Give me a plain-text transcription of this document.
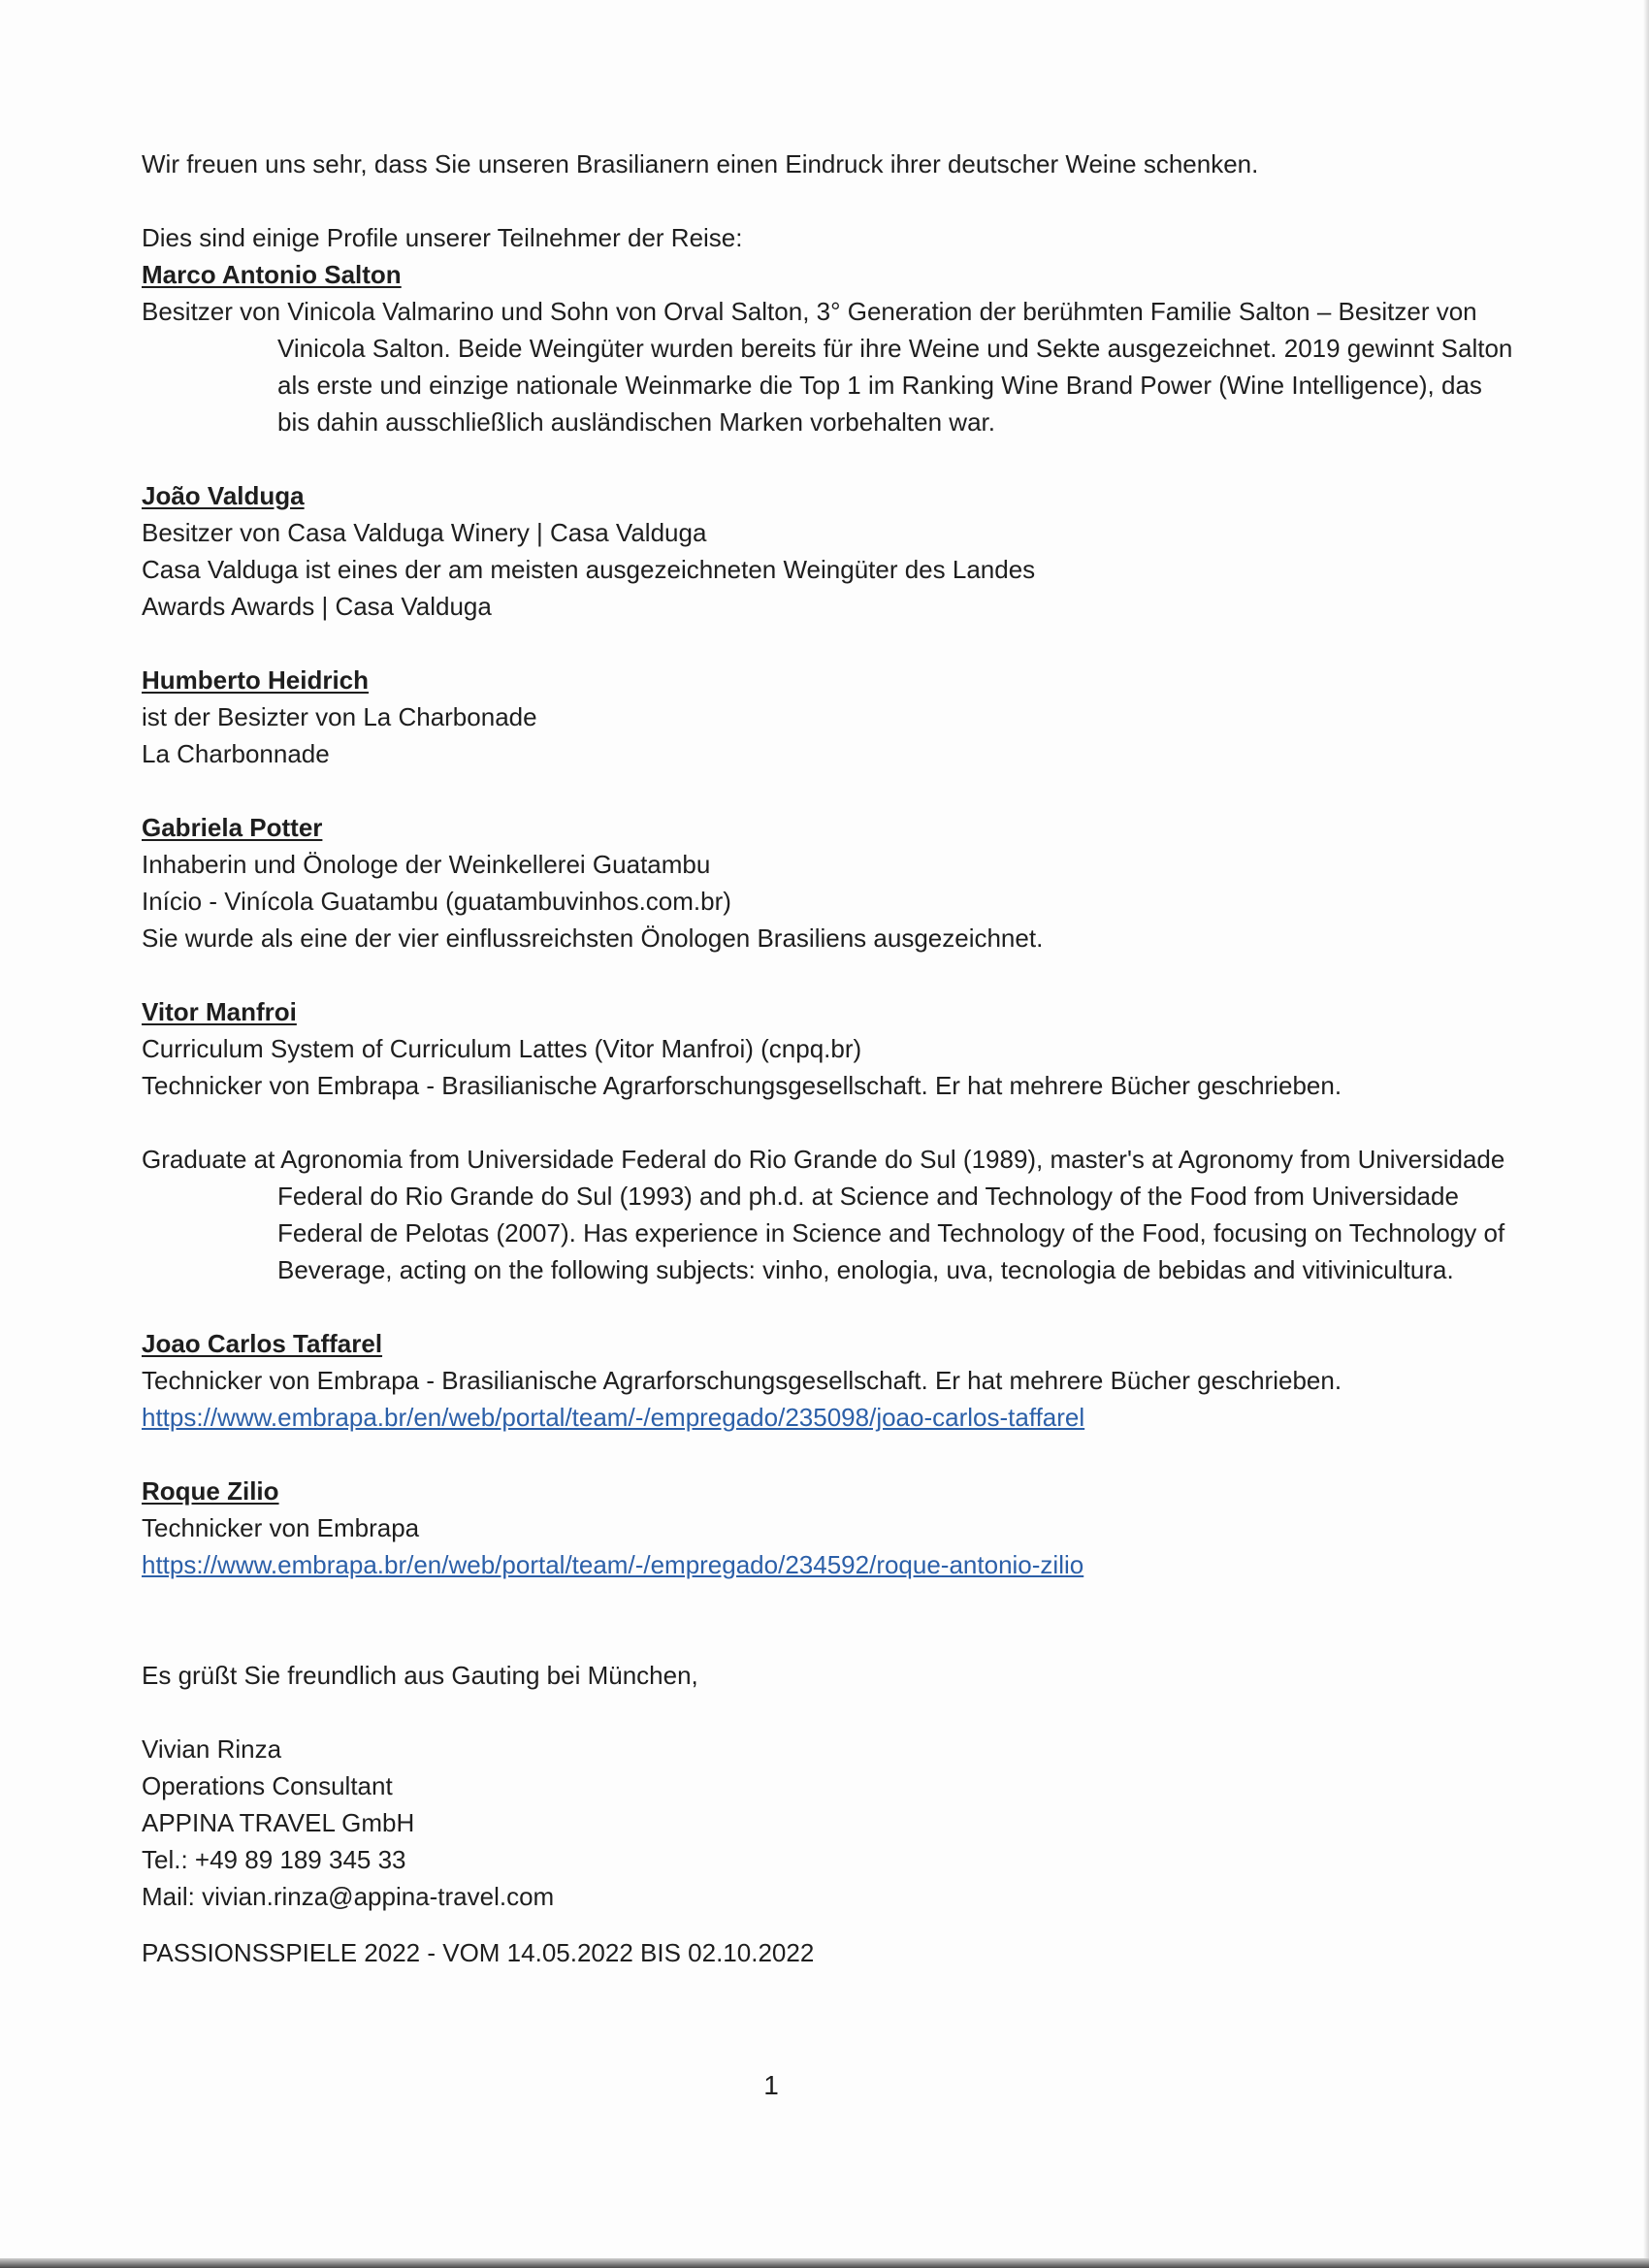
Wir freuen uns sehr, dass Sie unseren Brasilianern einen Eindruck ihrer deutscher Weine schenken.

Dies sind einige Profile unserer Teilnehmer der Reise:

Marco Antonio Salton

Besitzer von Vinicola Valmarino und Sohn von Orval Salton, 3° Generation der berühmten Familie Salton – Besitzer von Vinicola Salton. Beide Weingüter wurden bereits für ihre Weine und Sekte ausgezeichnet. 2019 gewinnt Salton als erste und einzige nationale Weinmarke die Top 1 im Ranking Wine Brand Power (Wine Intelligence), das bis dahin ausschließlich ausländischen Marken vorbehalten war.

João Valduga

Besitzer von Casa Valduga Winery | Casa Valduga

Casa Valduga ist eines der am meisten ausgezeichneten Weingüter des Landes

Awards Awards | Casa Valduga

Humberto Heidrich

ist der Besizter von La Charbonade

La Charbonnade

Gabriela Potter

Inhaberin und Önologe der Weinkellerei Guatambu

Início - Vinícola Guatambu (guatambuvinhos.com.br)

Sie wurde als eine der vier einflussreichsten Önologen Brasiliens ausgezeichnet.

Vitor Manfroi

Curriculum System of Curriculum Lattes (Vitor Manfroi) (cnpq.br)

Technicker von Embrapa - Brasilianische Agrarforschungsgesellschaft. Er hat mehrere Bücher geschrieben.

Graduate at Agronomia from Universidade Federal do Rio Grande do Sul (1989), master's at Agronomy from Universidade Federal do Rio Grande do Sul (1993) and ph.d. at Science and Technology of the Food from Universidade Federal de Pelotas (2007). Has experience in Science and Technology of the Food, focusing on Technology of Beverage, acting on the following subjects: vinho, enologia, uva, tecnologia de bebidas and vitivinicultura.

Joao Carlos Taffarel

Technicker von Embrapa - Brasilianische Agrarforschungsgesellschaft. Er hat mehrere Bücher geschrieben.

https://www.embrapa.br/en/web/portal/team/-/empregado/235098/joao-carlos-taffarel

Roque Zilio

Technicker von Embrapa

https://www.embrapa.br/en/web/portal/team/-/empregado/234592/roque-antonio-zilio

Es grüßt Sie freundlich aus Gauting bei München,

Vivian Rinza

Operations Consultant

APPINA TRAVEL GmbH

Tel.: +49 89 189 345 33

Mail: vivian.rinza@appina-travel.com

PASSIONSSPIELE 2022 - VOM 14.05.2022 BIS 02.10.2022

1
